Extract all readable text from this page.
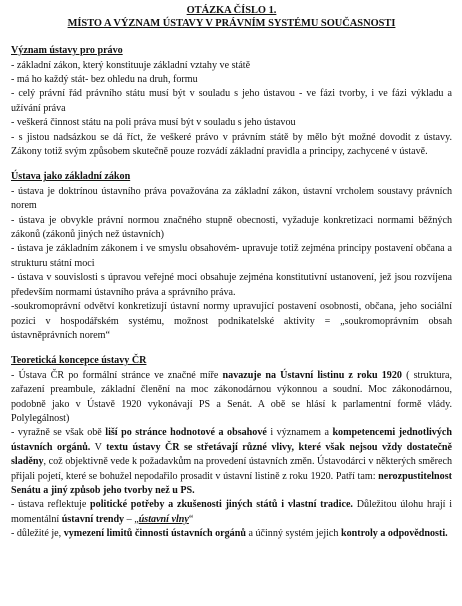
OTÁZKA ČÍSLO 1.

MÍSTO A VÝZNAM ÚSTAVY V PRÁVNÍM SYSTÉMU SOUČASNOSTI

Význam ústavy pro právo

- základní zákon, který konstituuje základní vztahy ve státě

- má ho každý stát- bez ohledu na druh, formu

- celý právní řád právního státu musí být v souladu s jeho ústavou - ve fázi tvorby, i ve fázi výkladu a užívání práva

- veškerá činnost státu na poli práva musí být v souladu s jeho ústavou

- s jistou nadsázkou se dá říct, že veškeré právo v právním státě by mělo být možné dovodit z ústavy. Zákony totiž svým způsobem skutečně pouze rozvádí základní pravidla a principy, zachycené v ústavě.

Ústava jako základní zákon

- ústava je doktrínou ústavního práva považována za základní zákon, ústavní vrcholem soustavy právních norem

- ústava je obvykle právní normou značného stupně obecnosti, vyžaduje konkretizaci normami běžných zákonů (zákonů jiných než ústavních)

- ústava je základním zákonem i ve smyslu obsahovém- upravuje totiž zejména principy postavení občana a strukturu státní moci

- ústava v souvislosti s úpravou veřejné moci obsahuje zejména konstitutivní ustanovení, jež jsou rozvíjena především normami ústavního práva a správního práva.

-soukromoprávní odvětví konkretizují ústavní normy upravující postavení osobnosti, občana, jeho sociální pozici v hospodářském systému, možnost podnikatelské aktivity = „soukromoprávním obsah ústavněprávních norem“

Teoretická koncepce ústavy ČR

- Ústava ČR po formální stránce ve značné míře navazuje na Ústavní listinu z roku 1920 ( struktura, zařazení preambule, základní členění na moc zákonodárnou výkonnou a soudní. Moc zákonodárnou, podobně jako v Ústavě 1920 vykonávají PS a Senát. A obě se hlásí k parlamentní formě vlády. Polylegálnost)

- vyražně se však obě liší po stránce hodnotové a obsahové i významem a kompetencemi jednotlivých ústavních orgánů. V textu ústavy ČR se střetávají různé vlivy, které však nejsou vždy dostatečně sladěny, což objektivně vede k požadavkům na provedení ústavních změn. Ústavodárci v některých směrech přijali pojetí, které se bohužel nepodařilo prosadit v ústavní listině z roku 1920. Patří tam: nerozpustitelnost Senátu a jiný způsob jeho tvorby než u PS.

- ústava reflektuje politické potřeby a zkušenosti jiných států i vlastní tradice. Důležitou úlohu hrají i momentální ústavní trendy – „ústavní vlny“

- důležité je, vymezení limitů činnosti ústavních orgánů a účinný systém jejich kontroly a odpovědnosti.
